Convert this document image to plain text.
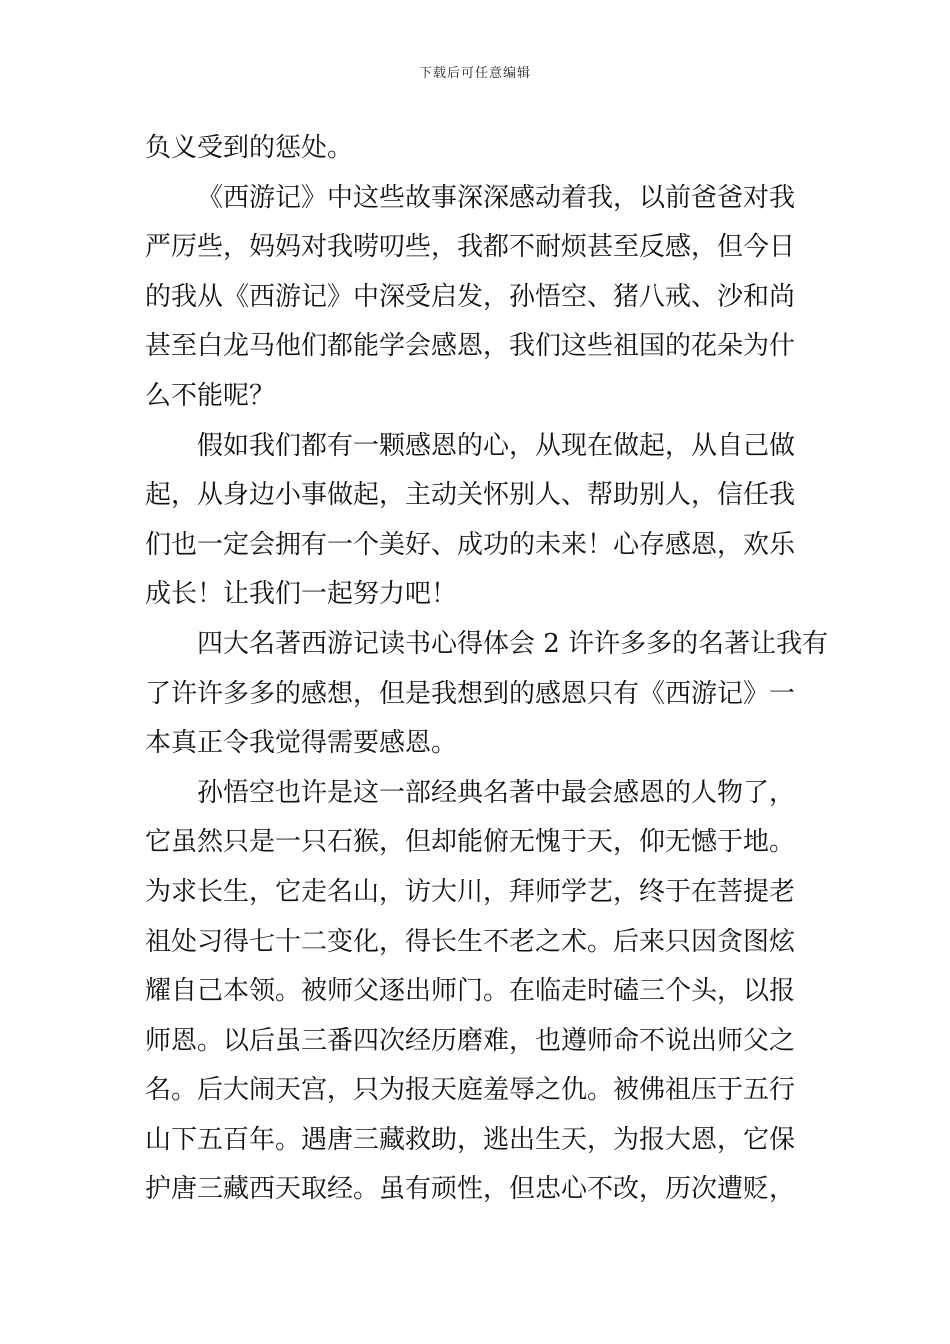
下载后可任意编辑
负义受到的惩处。
《西游记》中这些故事深深感动着我，以前爸爸对我
严厉些，妈妈对我唠叨些，我都不耐烦甚至反感，但今日
的我从《西游记》中深受启发，孙悟空、猪八戒、沙和尚
甚至白龙马他们都能学会感恩，我们这些祖国的花朵为什
么不能呢？
假如我们都有一颗感恩的心，从现在做起，从自己做
起，从身边小事做起，主动关怀别人、帮助别人，信任我
们也一定会拥有一个美好、成功的未来！心存感恩，欢乐
成长！让我们一起努力吧！
四大名著西游记读书心得体会 2 许许多多的名著让我有
了许许多多的感想，但是我想到的感恩只有《西游记》一
本真正令我觉得需要感恩。
孙悟空也许是这一部经典名著中最会感恩的人物了，
它虽然只是一只石猴，但却能俯无愧于天，仰无憾于地。
为求长生，它走名山，访大川，拜师学艺，终于在菩提老
祖处习得七十二变化，得长生不老之术。后来只因贪图炫
耀自己本领。被师父逐出师门。在临走时磕三个头，以报
师恩。以后虽三番四次经历磨难，也遵师命不说出师父之
名。后大闹天宫，只为报天庭羞辱之仇。被佛祖压于五行
山下五百年。遇唐三藏救助，逃出生天，为报大恩，它保
护唐三藏西天取经。虽有顽性，但忠心不改，历次遭贬，
